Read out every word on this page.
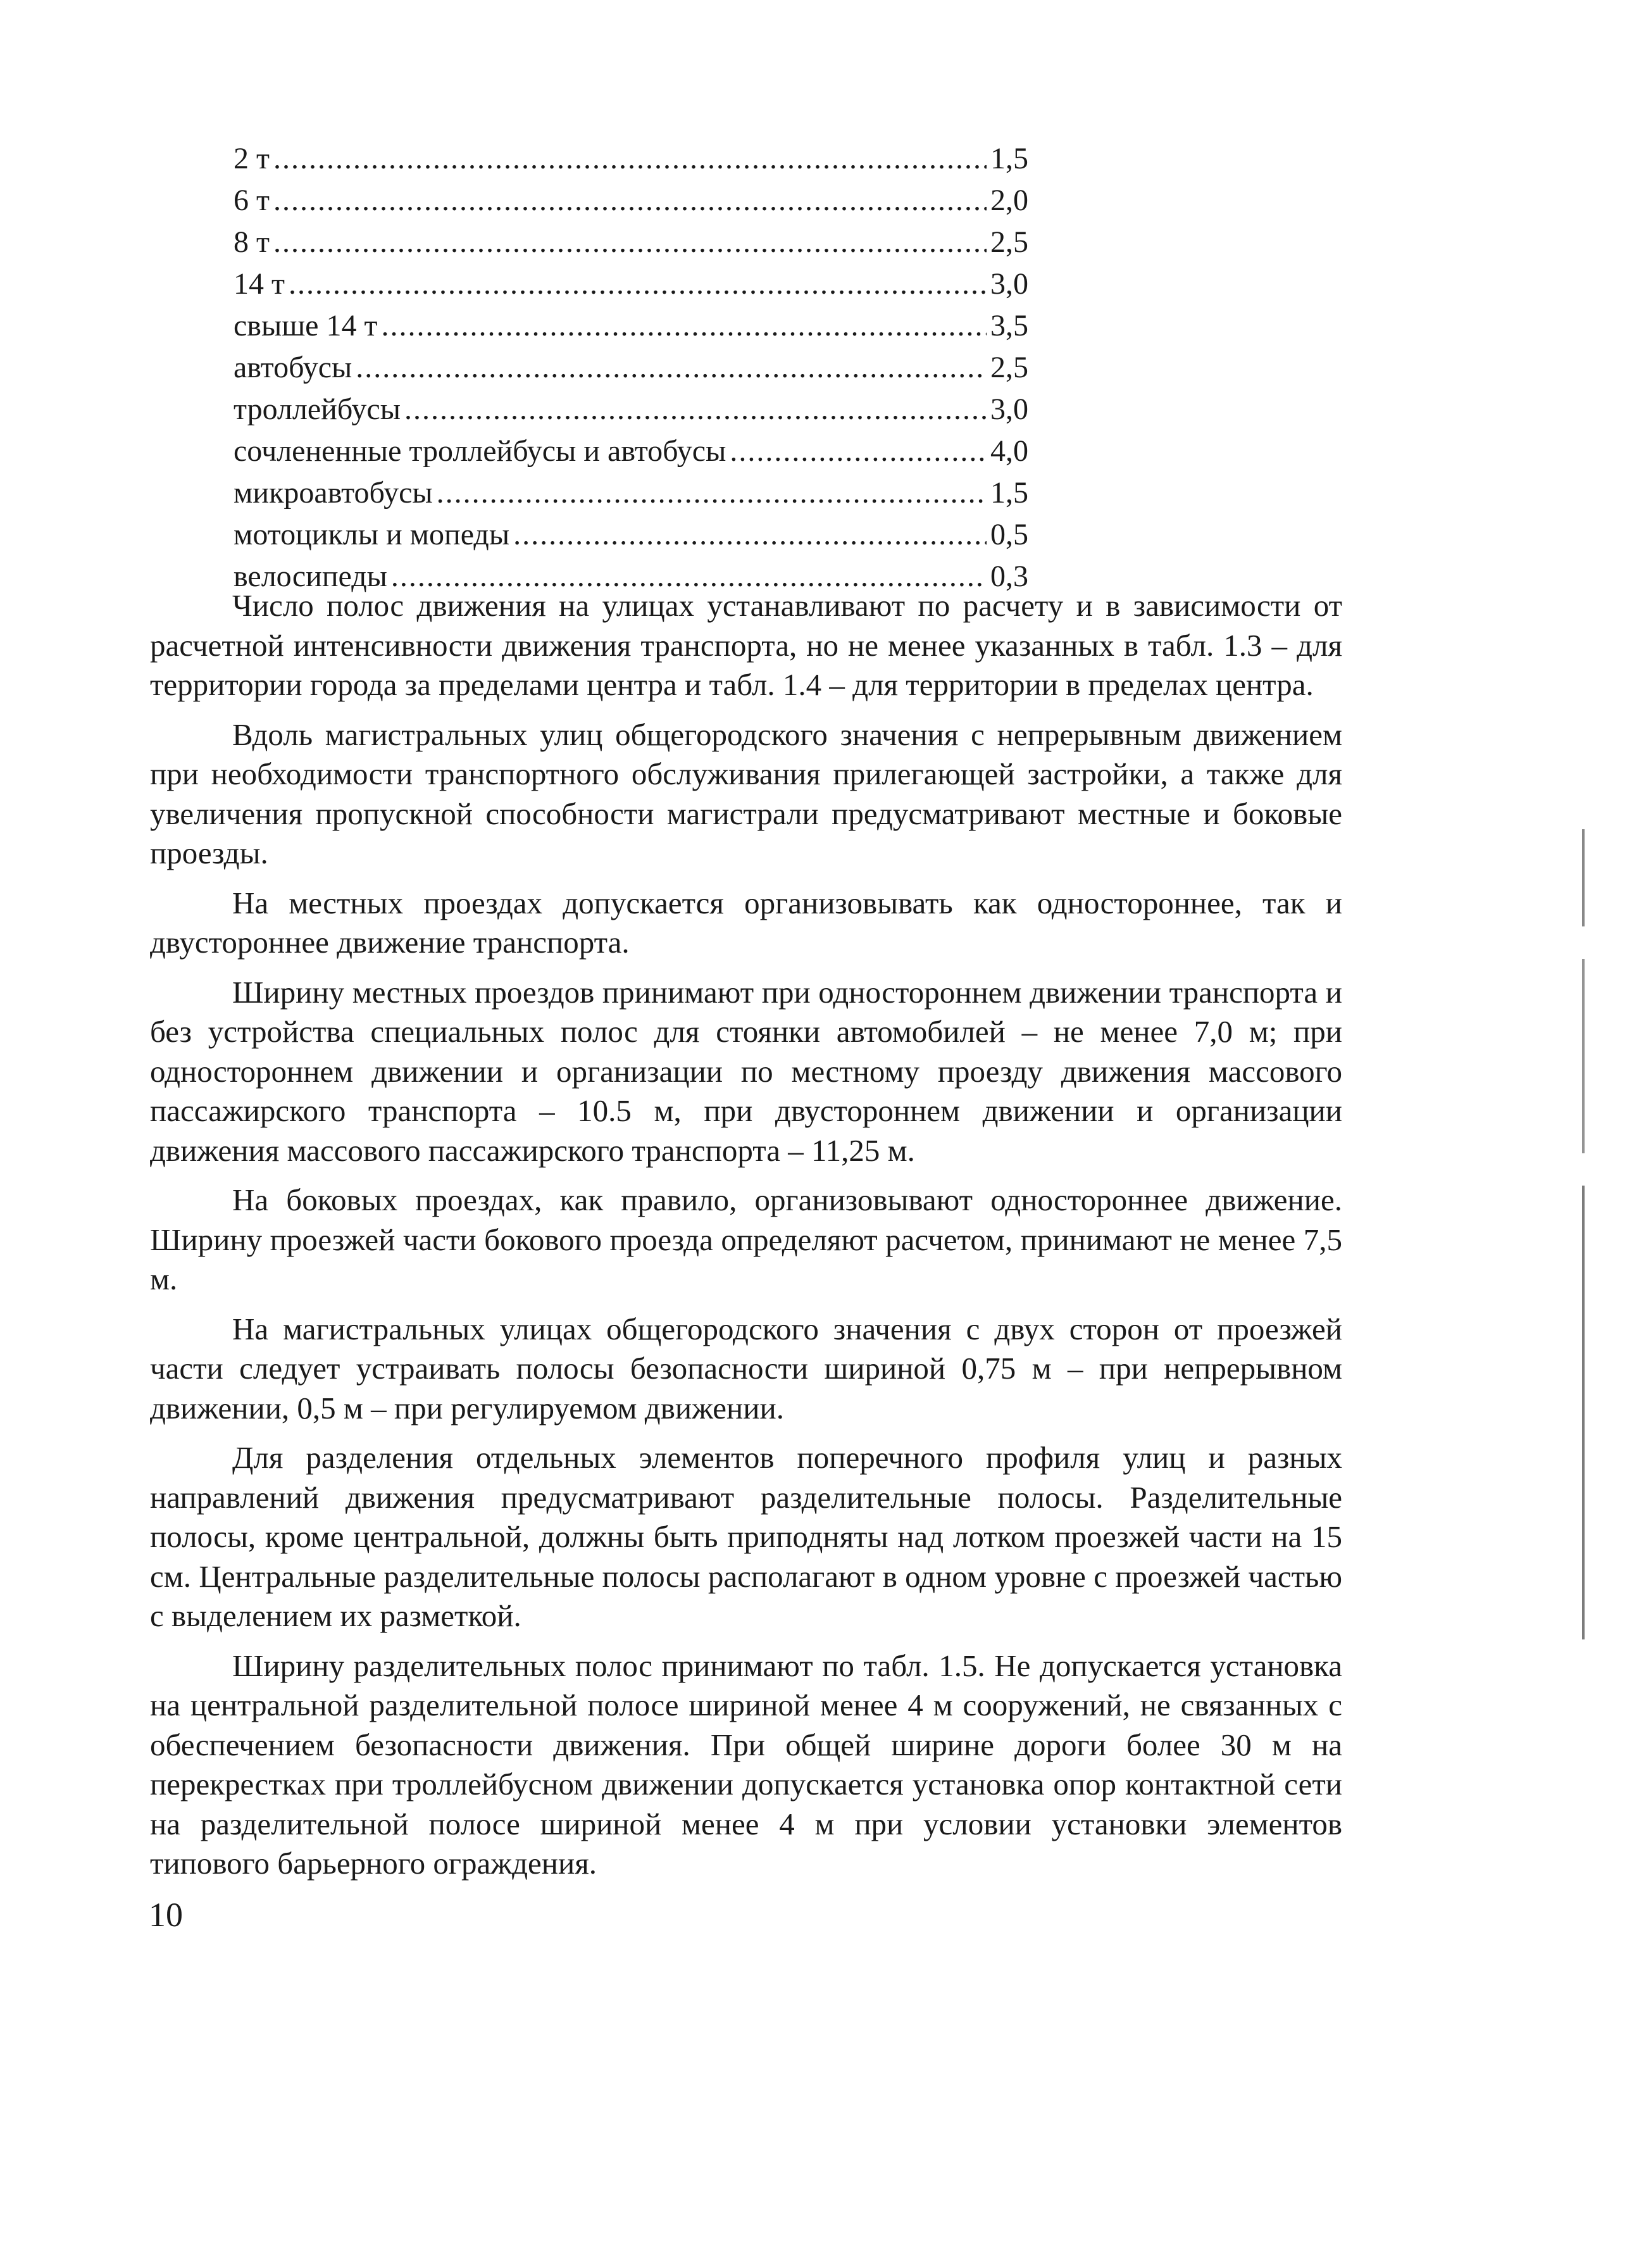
2 т .....	1,5
6 т .....	2,0
8 т .....	2,5
14 т .....	3,0
свыше 14 т .....	3,5
автобусы .....	2,5
троллейбусы .....	3,0
сочлененные троллейбусы и автобусы .....	4,0
микроавтобусы .....	1,5
мотоциклы и мопеды .....	0,5
велосипеды .....	0,3

Число полос движения на улицах устанавливают по расчету и в зависимости от расчетной интенсивности движения транспорта, но не менее указанных в табл. 1.3 – для территории города за пределами центра и табл. 1.4 – для территории в пределах центра.

Вдоль магистральных улиц общегородского значения с непрерывным движением при необходимости транспортного обслуживания прилегающей застройки, а также для увеличения пропускной способности магистрали предусматривают местные и боковые проезды.

На местных проездах допускается организовывать как одностороннее, так и двустороннее движение транспорта.

Ширину местных проездов принимают при одностороннем движении транспорта и без устройства специальных полос для стоянки автомобилей – не менее 7,0 м; при одностороннем движении и организации по местному проезду движения массового пассажирского транспорта – 10.5 м, при двустороннем движении и организации движения массового пассажирского транспорта – 11,25 м.

На боковых проездах, как правило, организовывают одностороннее движение. Ширину проезжей части бокового проезда определяют расчетом, принимают не менее 7,5 м.

На магистральных улицах общегородского значения с двух сторон от проезжей части следует устраивать полосы безопасности шириной 0,75 м – при непрерывном движении, 0,5 м – при регулируемом движении.

Для разделения отдельных элементов поперечного профиля улиц и разных направлений движения предусматривают разделительные полосы. Разделительные полосы, кроме центральной, должны быть приподняты над лотком проезжей части на 15 см. Центральные разделительные полосы располагают в одном уровне с проезжей частью с выделением их разметкой.

Ширину разделительных полос принимают по табл. 1.5. Не допускается установка на центральной разделительной полосе шириной менее 4 м сооружений, не связанных с обеспечением безопасности движения. При общей ширине дороги более 30 м на перекрестках при троллейбусном движении допускается установка опор контактной сети на разделительной полосе шириной менее 4 м при условии установки элементов типового барьерного ограждения.

10
